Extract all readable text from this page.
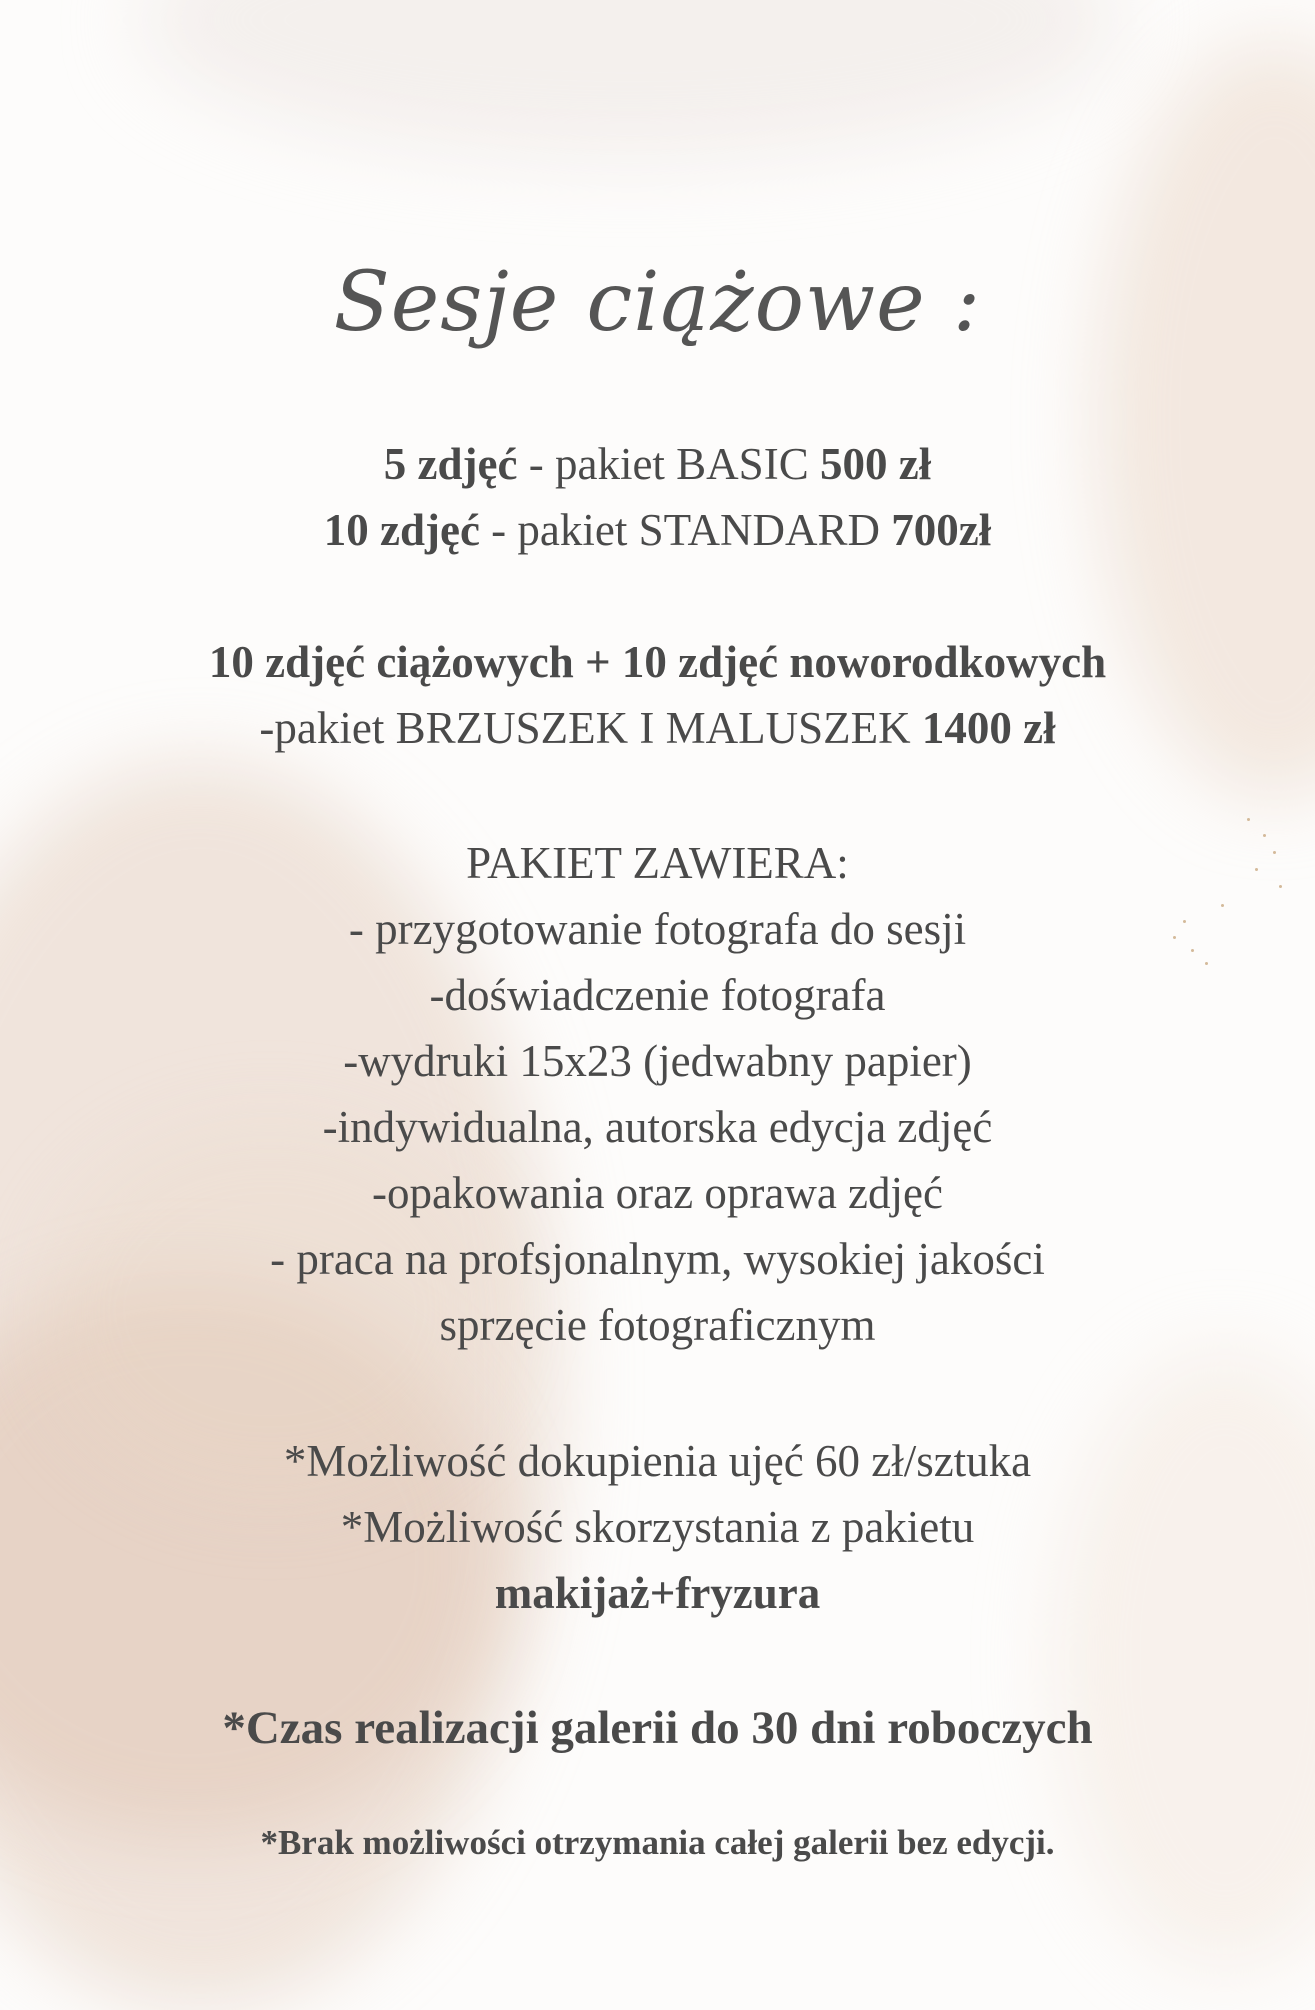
Sesje ciążowe :

5 zdjęć - pakiet BASIC 500 zł

10 zdjęć - pakiet STANDARD 700zł

10 zdjęć ciążowych + 10 zdjęć noworodkowych

-pakiet BRZUSZEK I MALUSZEK 1400 zł

PAKIET ZAWIERA:

- przygotowanie fotografa do sesji

-doświadczenie fotografa

-wydruki 15x23 (jedwabny papier)

-indywidualna, autorska edycja zdjęć

-opakowania oraz oprawa zdjęć

- praca na profsjonalnym, wysokiej jakości

sprzęcie fotograficznym

*Możliwość dokupienia ujęć 60 zł/sztuka

*Możliwość skorzystania z pakietu

makijaż+fryzura

*Czas realizacji galerii do 30 dni roboczych

*Brak możliwości otrzymania całej galerii bez edycji.
